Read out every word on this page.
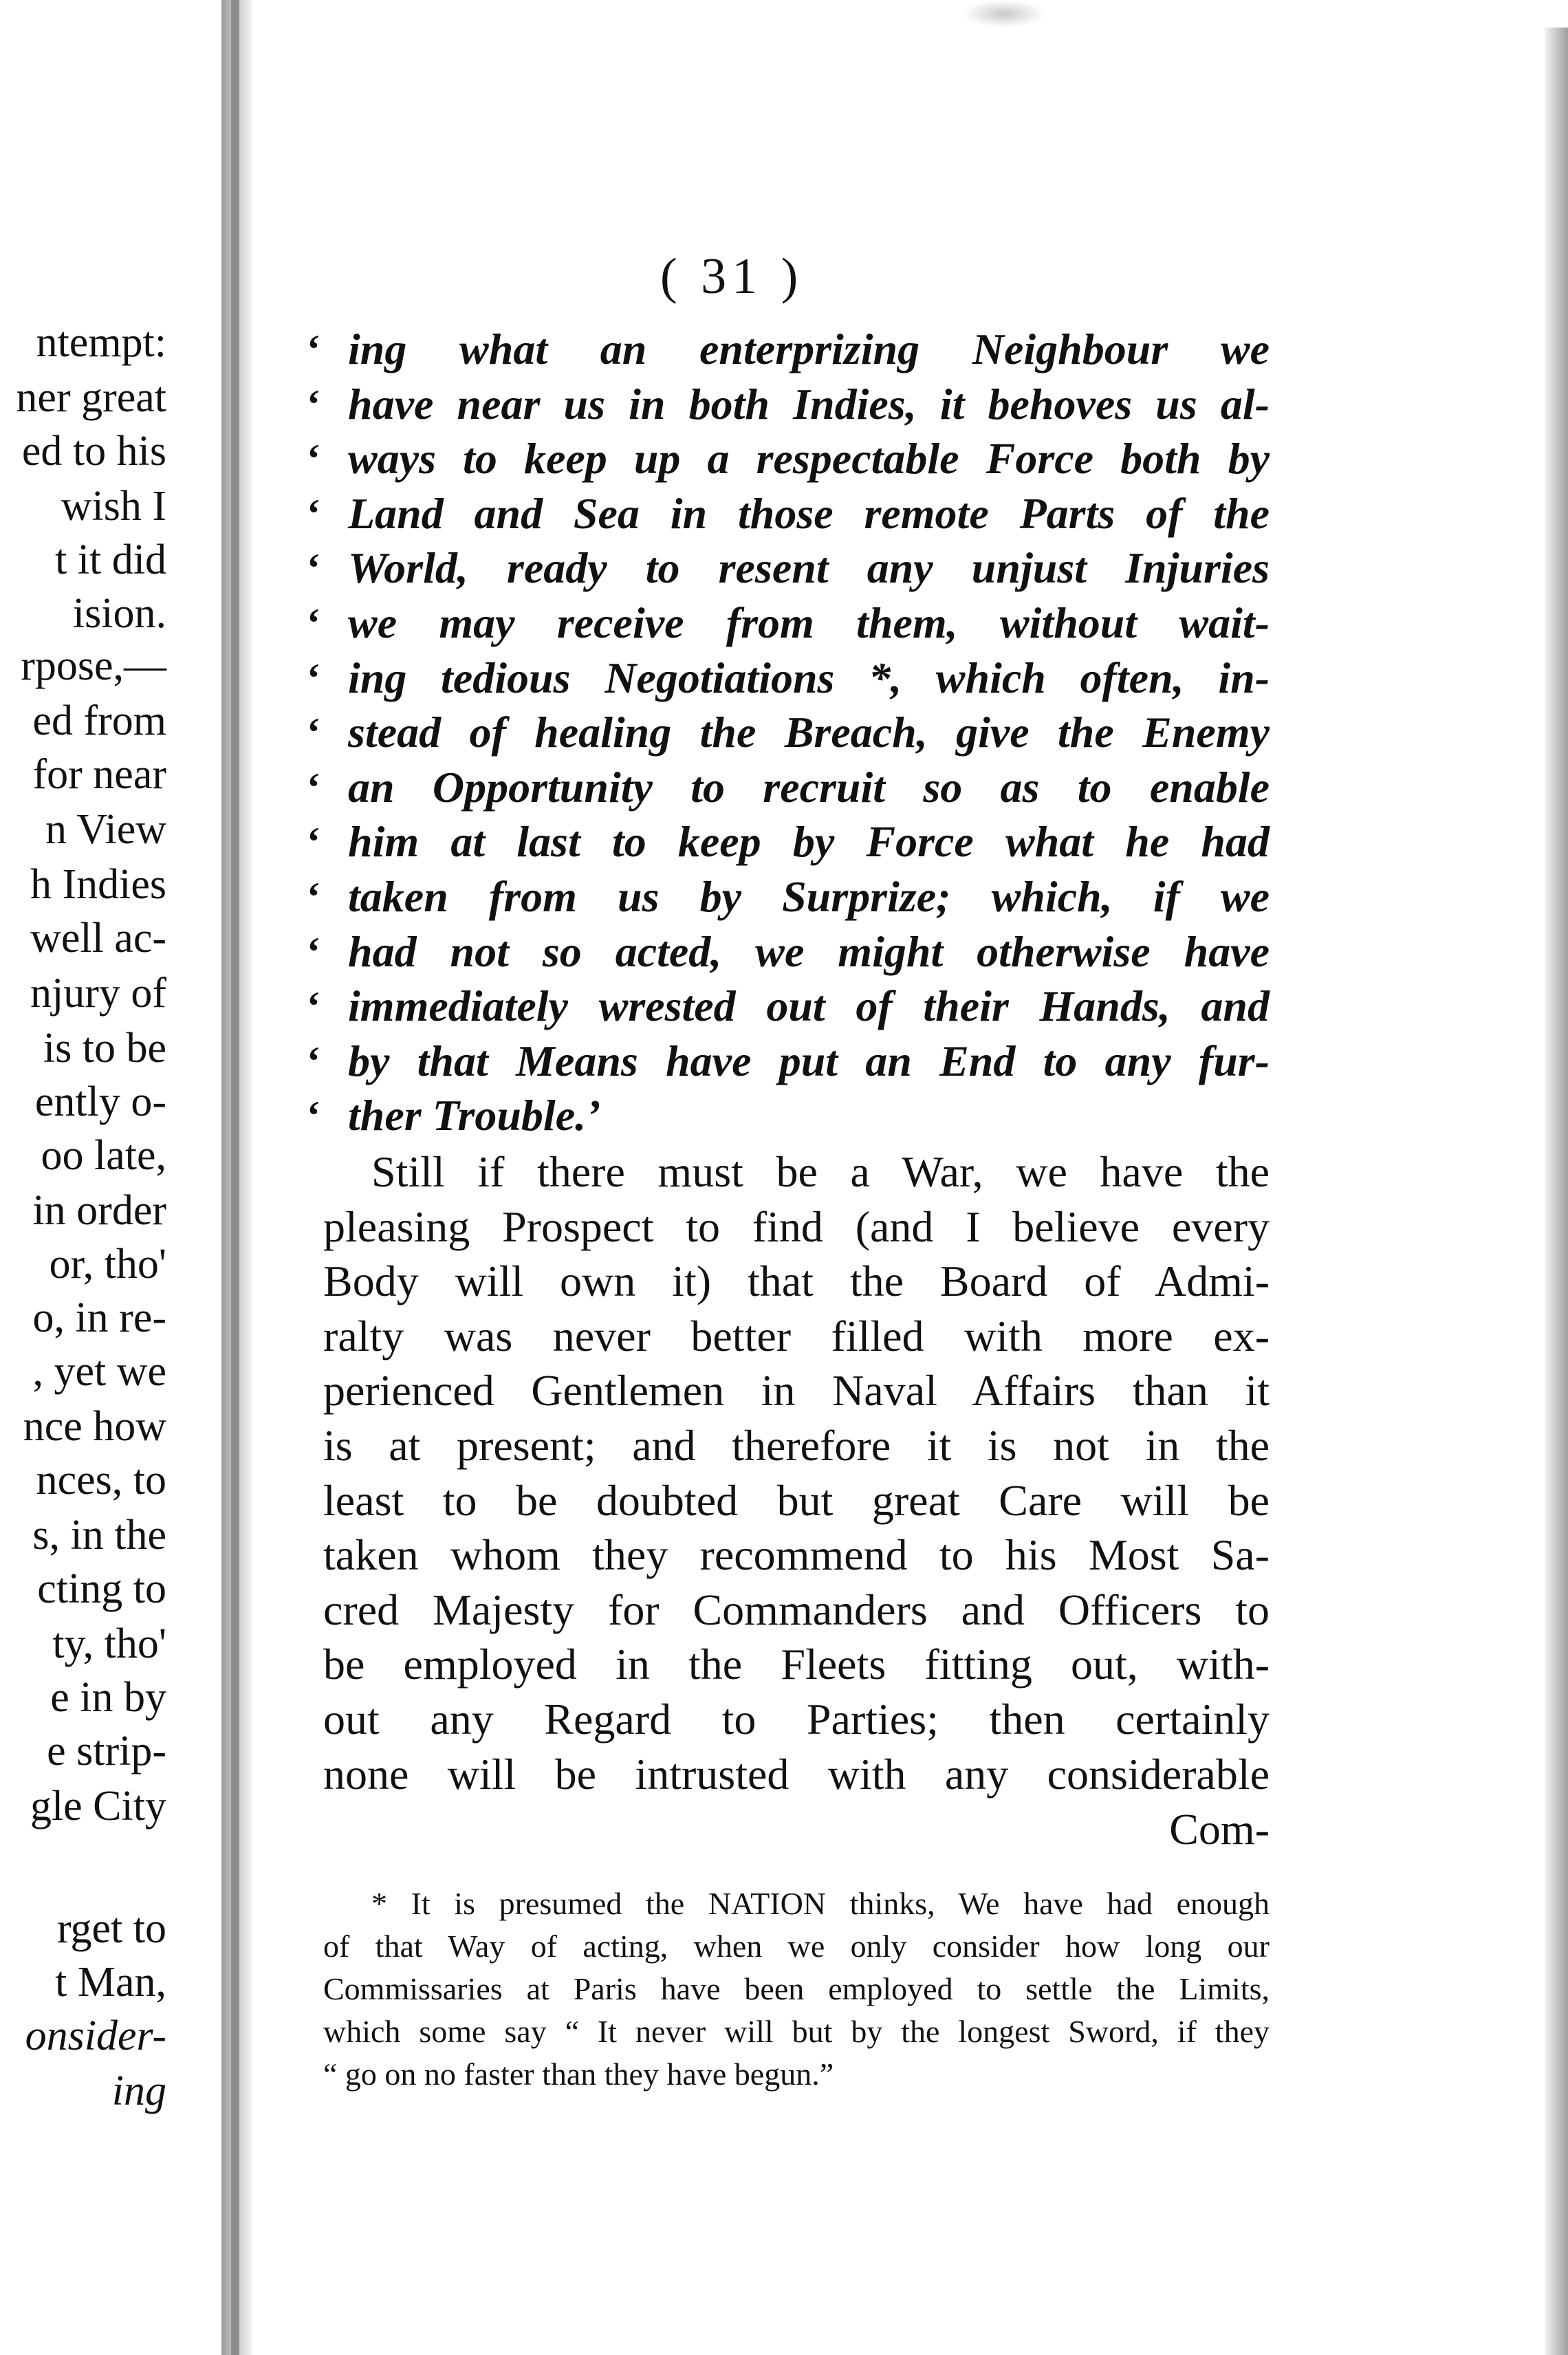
ntempt:
ner great
ed to his
wish I
t it did
ision.
rpose,—
ed from
for near
n View
h Indies
well ac-
njury of
is to be
ently o-
oo late,
in order
or, tho'
o, in re-
, yet we
nce how
nces, to
s, in the
cting to
ty, tho'
e in by
e strip-
gle City
rget to
t Man,
onsider-
ing
( 31 )
‘ ing what an enterprizing Neighbour we
‘ have near us in both Indies, it behoves us al-
‘ ways to keep up a respectable Force both by
‘ Land and Sea in those remote Parts of the
‘ World, ready to resent any unjust Injuries
‘ we may receive from them, without wait-
‘ ing tedious Negotiations *, which often, in-
‘ stead of healing the Breach, give the Enemy
‘ an Opportunity to recruit so as to enable
‘ him at last to keep by Force what he had
‘ taken from us by Surprize; which, if we
‘ had not so acted, we might otherwise have
‘ immediately wrested out of their Hands, and
‘ by that Means have put an End to any fur-
‘ ther Trouble.’
Still if there must be a War, we have the
pleasing Prospect to find (and I believe every
Body will own it) that the Board of Admi-
ralty was never better filled with more ex-
perienced Gentlemen in Naval Affairs than it
is at present; and therefore it is not in the
least to be doubted but great Care will be
taken whom they recommend to his Most Sa-
cred Majesty for Commanders and Officers to
be employed in the Fleets fitting out, with-
out any Regard to Parties; then certainly
none will be intrusted with any considerable
Com-
* It is presumed the NATION thinks, We have had enough
of that Way of acting, when we only consider how long our
Commissaries at Paris have been employed to settle the Limits,
which some say “ It never will but by the longest Sword, if they
“ go on no faster than they have begun.”
